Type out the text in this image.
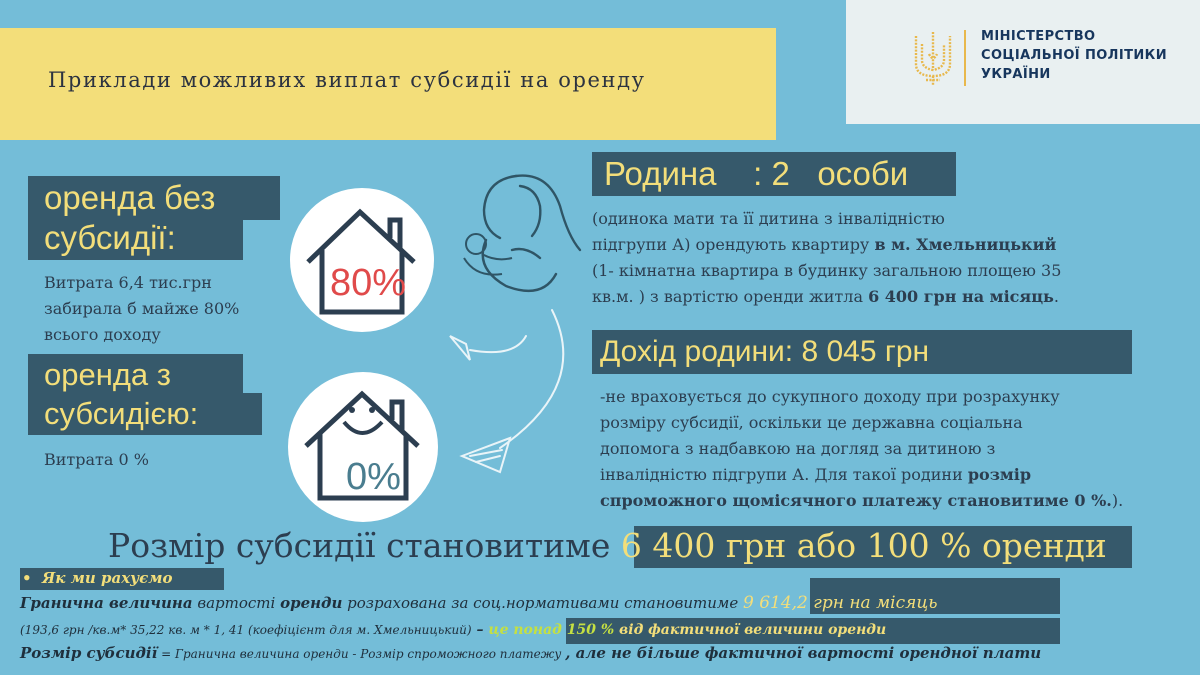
Приклади можливих виплат субсидії на оренду
МІНІСТЕРСТВО
СОЦІАЛЬНОЇ ПОЛІТИКИ
УКРАЇНИ
оренда без
субсидії:
Витрата 6,4 тис.грн
забирала б майже 80%
всього доходу
оренда з
субсидією:
Витрата 0 %
80%
0%
Родина    : 2   особи
(одинока мати та її дитина з інвалідністю
підгрупи А) орендують квартиру в м. Хмельницький
(1- кімнатна квартира в будинку загальною площею 35
кв.м. ) з вартістю оренди житла 6 400 грн на місяць.
Дохід родини: 8 045 грн
-не враховується до сукупного доходу при розрахунку
розміру субсидії, оскільки це державна соціальна
допомога з надбавкою на догляд за дитиною з
інвалідністю підгрупи А. Для такої родини розмір
спроможного щомісячного платежу становитиме 0 %.).
Розмір субсидії становитиме 6 400 грн або 100 % оренди
• Як ми рахуємо
Гранична величина вартості оренди розрахована за соц.нормативами становитиме 9 614,2 грн на місяць
(193,6 грн /кв.м* 35,22 кв. м * 1, 41 (коефіцієнт для м. Хмельницький) – це понад 150 % від фактичної величини оренди
Розмір субсидії = Гранична величина оренди - Розмір спроможного платежу , але не більше фактичної вартості орендної плати
